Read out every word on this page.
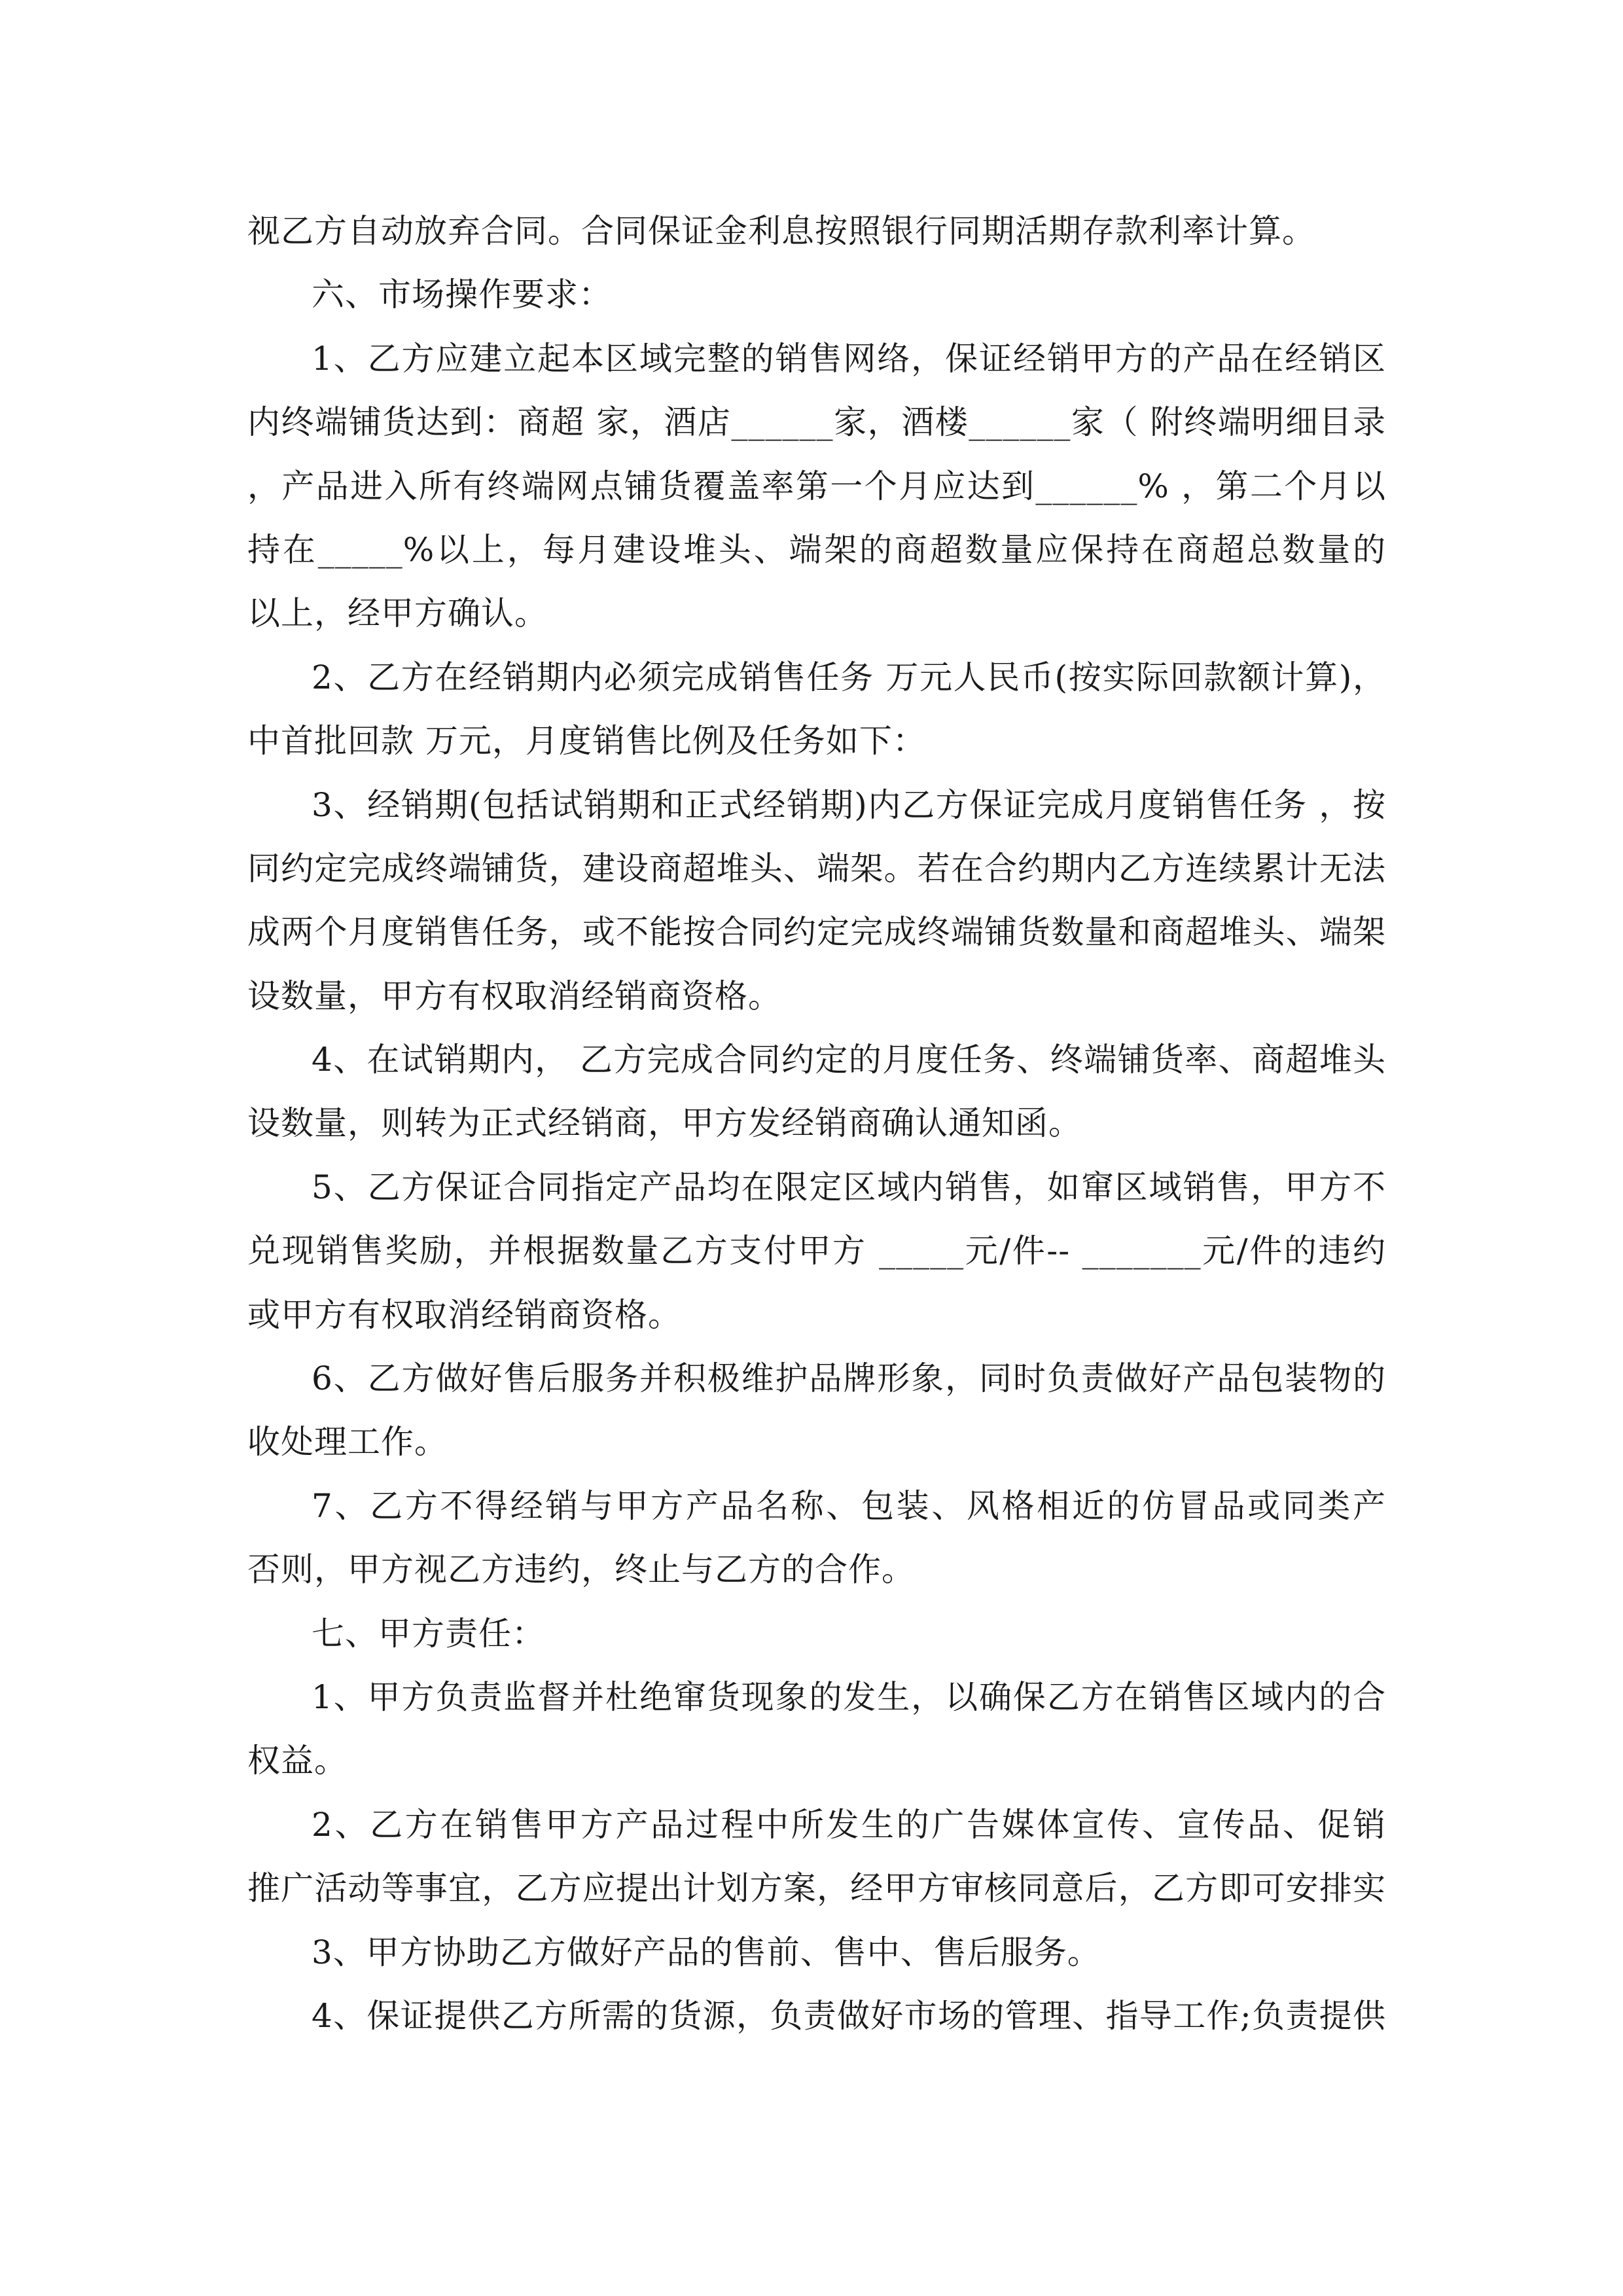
视乙方自动放弃合同。合同保证金利息按照银行同期活期存款利率计算。
六、市场操作要求：
1、乙方应建立起本区域完整的销售网络，保证经销甲方的产品在经销区
内终端铺货达到：商超 家，酒店______家，酒楼______家（ 附终端明细目录
，产品进入所有终端网点铺货覆盖率第一个月应达到______% ，第二个月以
持在_____%以上，每月建设堆头、端架的商超数量应保持在商超总数量的
以上，经甲方确认。
2、乙方在经销期内必须完成销售任务 万元人民币(按实际回款额计算)，
中首批回款 万元，月度销售比例及任务如下：
3、经销期(包括试销期和正式经销期)内乙方保证完成月度销售任务 ，按
同约定完成终端铺货，建设商超堆头、端架。若在合约期内乙方连续累计无法
成两个月度销售任务，或不能按合同约定完成终端铺货数量和商超堆头、端架
设数量，甲方有权取消经销商资格。
4、在试销期内， 乙方完成合同约定的月度任务、终端铺货率、商超堆头
设数量，则转为正式经销商，甲方发经销商确认通知函。
5、乙方保证合同指定产品均在限定区域内销售，如窜区域销售，甲方不
兑现销售奖励，并根据数量乙方支付甲方 _____元/件-- _______元/件的违约
或甲方有权取消经销商资格。
6、乙方做好售后服务并积极维护品牌形象，同时负责做好产品包装物的
收处理工作。
7、乙方不得经销与甲方产品名称、包装、风格相近的仿冒品或同类产
否则，甲方视乙方违约，终止与乙方的合作。
七、甲方责任：
1、甲方负责监督并杜绝窜货现象的发生，以确保乙方在销售区域内的合
权益。
2、乙方在销售甲方产品过程中所发生的广告媒体宣传、宣传品、促销
推广活动等事宜，乙方应提出计划方案，经甲方审核同意后，乙方即可安排实
3、甲方协助乙方做好产品的售前、售中、售后服务。
4、保证提供乙方所需的货源，负责做好市场的管理、指导工作;负责提供
